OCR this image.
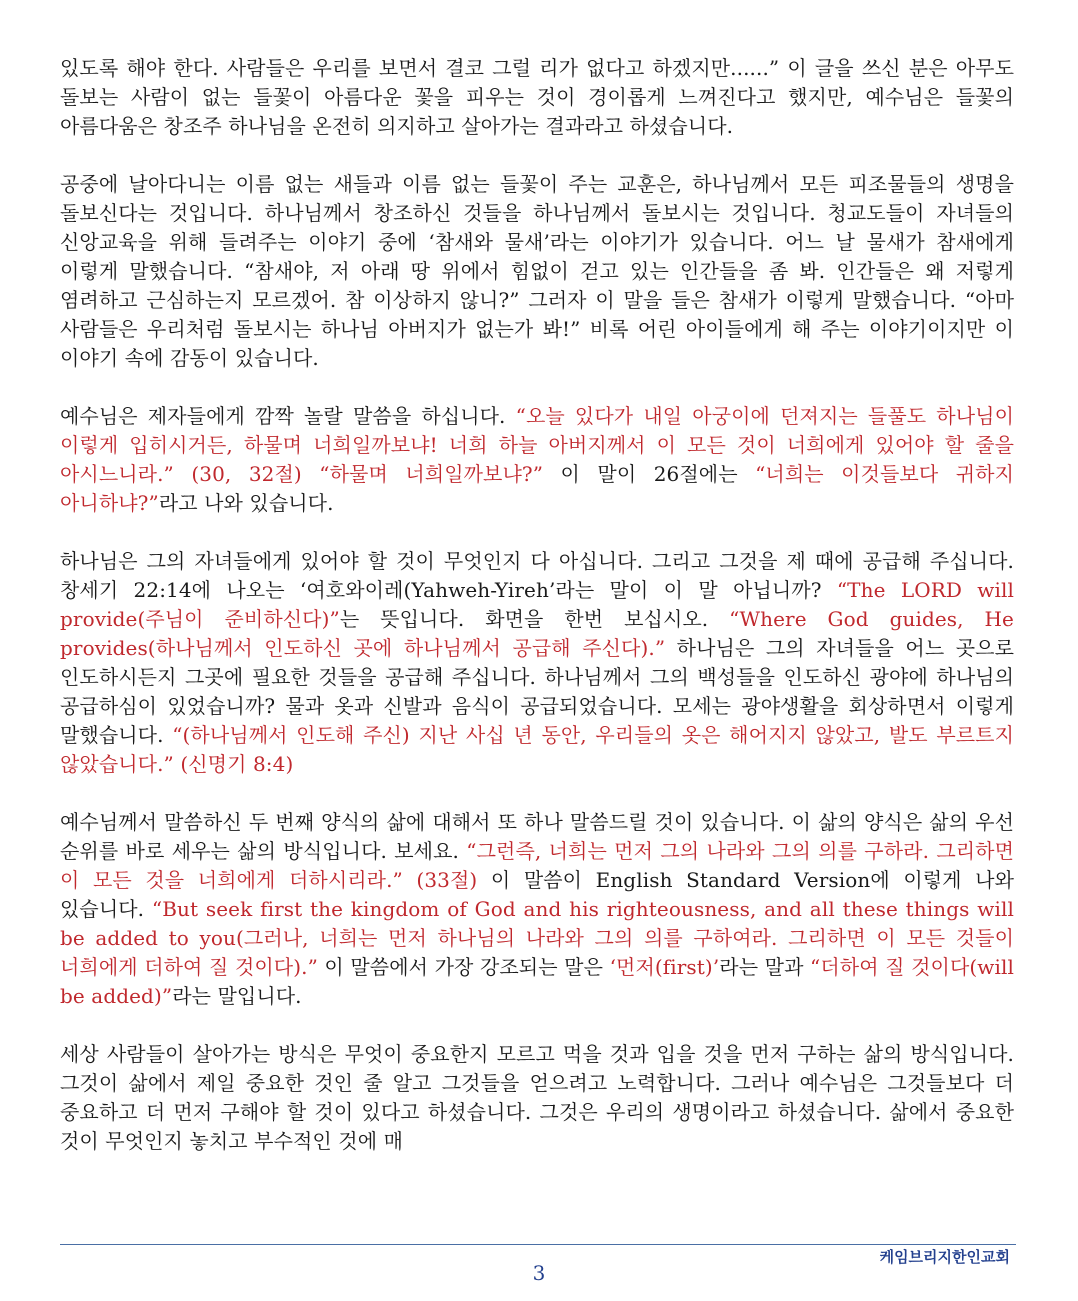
있도록 해야 한다. 사람들은 우리를 보면서 결코 그럴 리가 없다고 하겠지만......” 이 글을 쓰신 분은 아무도 돌보는 사람이 없는 들꽃이 아름다운 꽃을 피우는 것이 경이롭게 느껴진다고 했지만, 예수님은 들꽃의 아름다움은 창조주 하나님을 온전히 의지하고 살아가는 결과라고 하셨습니다.

공중에 날아다니는 이름 없는 새들과 이름 없는 들꽃이 주는 교훈은, 하나님께서 모든 피조물들의 생명을 돌보신다는 것입니다. 하나님께서 창조하신 것들을 하나님께서 돌보시는 것입니다. 청교도들이 자녀들의 신앙교육을 위해 들려주는 이야기 중에 ‘참새와 물새’라는 이야기가 있습니다. 어느 날 물새가 참새에게 이렇게 말했습니다. “참새야, 저 아래 땅 위에서 힘없이 걷고 있는 인간들을 좀 봐. 인간들은 왜 저렇게 염려하고 근심하는지 모르겠어. 참 이상하지 않니?” 그러자 이 말을 들은 참새가 이렇게 말했습니다. “아마 사람들은 우리처럼 돌보시는 하나님 아버지가 없는가 봐!” 비록 어린 아이들에게 해 주는 이야기이지만 이 이야기 속에 감동이 있습니다.

예수님은 제자들에게 깜짝 놀랄 말씀을 하십니다. “오늘 있다가 내일 아궁이에 던져지는 들풀도 하나님이 이렇게 입히시거든, 하물며 너희일까보냐! 너희 하늘 아버지께서 이 모든 것이 너희에게 있어야 할 줄을 아시느니라.” (30, 32절) “하물며 너희일까보냐?” 이 말이 26절에는 “너희는 이것들보다 귀하지 아니하냐?”라고 나와 있습니다.

하나님은 그의 자녀들에게 있어야 할 것이 무엇인지 다 아십니다. 그리고 그것을 제 때에 공급해 주십니다. 창세기 22:14에 나오는 ‘여호와이레(Yahweh-Yireh’라는 말이 이 말 아닙니까? “The LORD will provide(주님이 준비하신다)”는 뜻입니다. 화면을 한번 보십시오. “Where God guides, He provides(하나님께서 인도하신 곳에 하나님께서 공급해 주신다).” 하나님은 그의 자녀들을 어느 곳으로 인도하시든지 그곳에 필요한 것들을 공급해 주십니다. 하나님께서 그의 백성들을 인도하신 광야에 하나님의 공급하심이 있었습니까? 물과 옷과 신발과 음식이 공급되었습니다. 모세는 광야생활을 회상하면서 이렇게 말했습니다. “(하나님께서 인도해 주신) 지난 사십 년 동안, 우리들의 옷은 해어지지 않았고, 발도 부르트지 않았습니다.” (신명기 8:4)

예수님께서 말씀하신 두 번째 양식의 삶에 대해서 또 하나 말씀드릴 것이 있습니다. 이 삶의 양식은 삶의 우선 순위를 바로 세우는 삶의 방식입니다. 보세요. “그런즉, 너희는 먼저 그의 나라와 그의 의를 구하라. 그리하면 이 모든 것을 너희에게 더하시리라.” (33절) 이 말씀이 English Standard Version에 이렇게 나와 있습니다. “But seek first the kingdom of God and his righteousness, and all these things will be added to you(그러나, 너희는 먼저 하나님의 나라와 그의 의를 구하여라. 그리하면 이 모든 것들이 너희에게 더하여 질 것이다).” 이 말씀에서 가장 강조되는 말은 ‘먼저(first)’라는 말과 “더하여 질 것이다(will be added)”라는 말입니다.

세상 사람들이 살아가는 방식은 무엇이 중요한지 모르고 먹을 것과 입을 것을 먼저 구하는 삶의 방식입니다. 그것이 삶에서 제일 중요한 것인 줄 알고 그것들을 얻으려고 노력합니다. 그러나 예수님은 그것들보다 더 중요하고 더 먼저 구해야 할 것이 있다고 하셨습니다. 그것은 우리의 생명이라고 하셨습니다. 삶에서 중요한 것이 무엇인지 놓치고 부수적인 것에 매

3
케임브리지한인교회
